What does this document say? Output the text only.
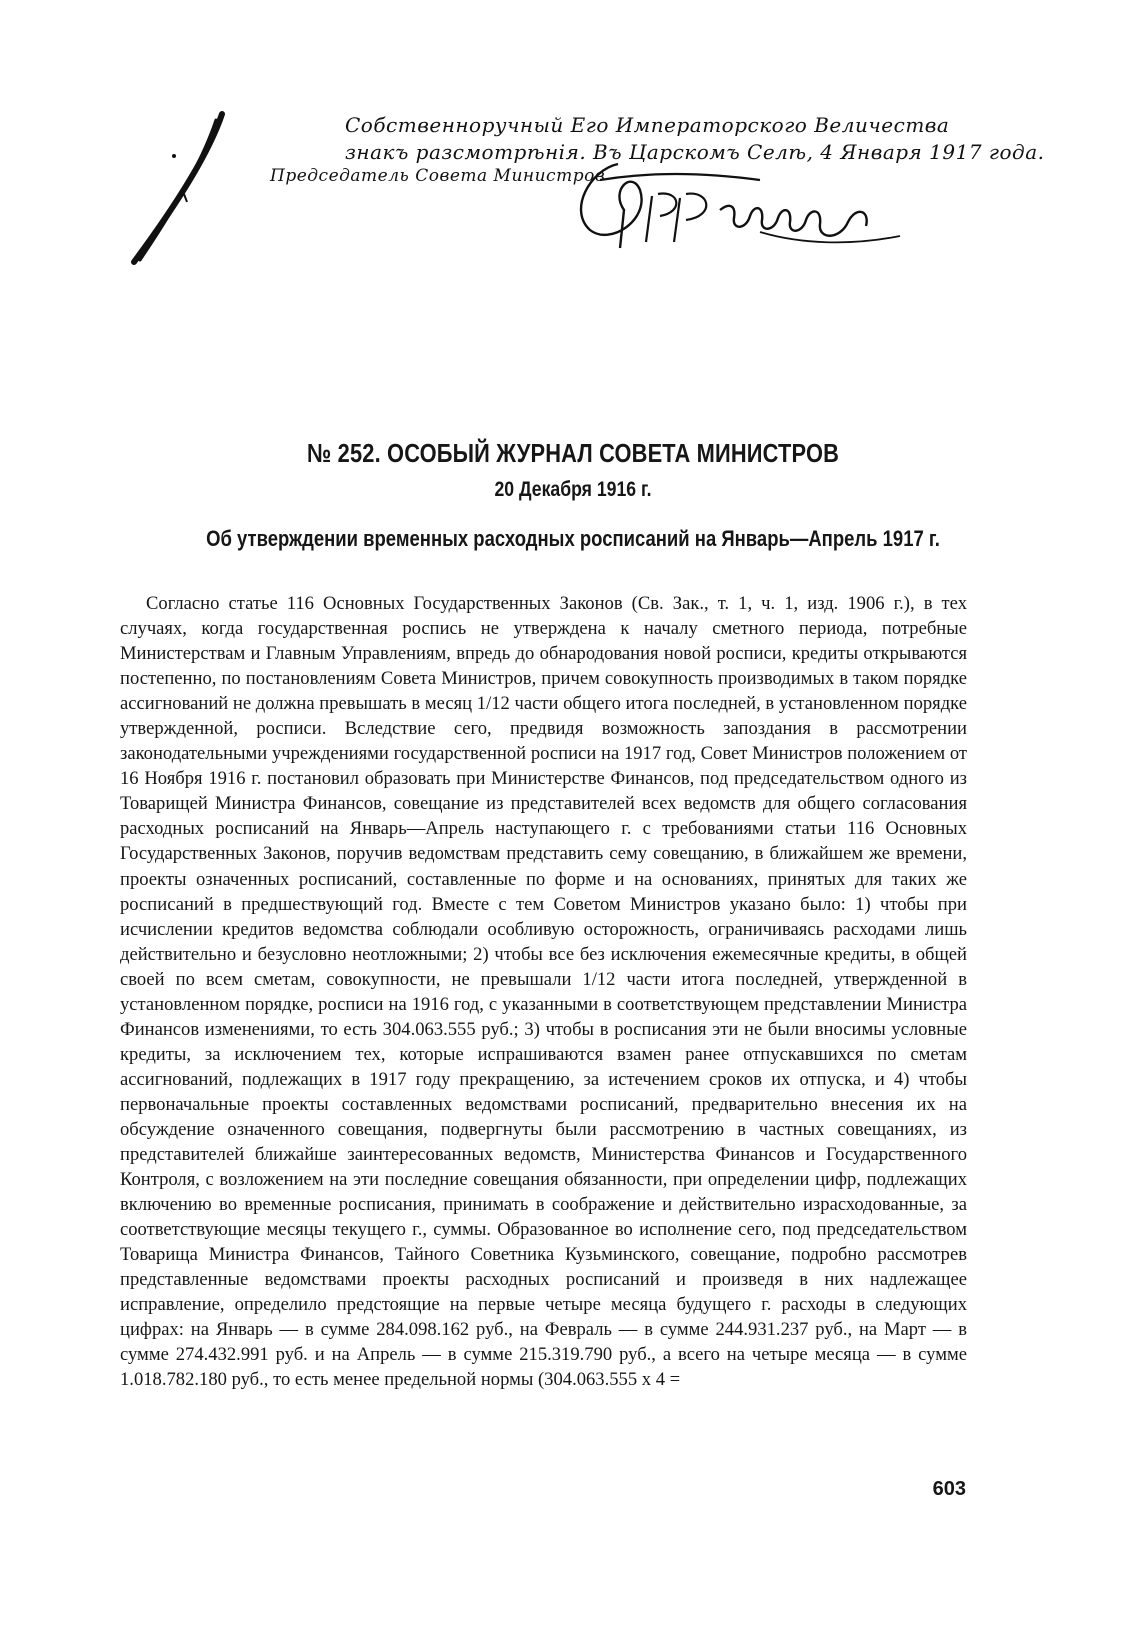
Собственноручный Его Императорского Величества
знакъ разсмотрѣнія. Въ Царскомъ Селѣ, 4 Января 1917 года.
Председатель Совета Министров
№ 252. ОСОБЫЙ ЖУРНАЛ СОВЕТА МИНИСТРОВ
20 Декабря 1916 г.
Об утверждении временных расходных росписаний на Январь—Апрель 1917 г.

Согласно статье 116 Основных Государственных Законов (Св. Зак., т. 1, ч. 1, изд. 1906 г.), в тех случаях, когда государственная роспись не утверждена к началу сметного периода, потребные Министерствам и Главным Управлениям, впредь до обнародования новой росписи, кредиты открываются постепенно, по постановлениям Совета Министров, причем совокупность производимых в таком порядке ассигнований не должна превышать в месяц 1/12 части общего итога последней, в установленном порядке утвержденной, росписи. Вследствие сего, предвидя возможность запоздания в рассмотрении законодательными учреждениями государственной росписи на 1917 год, Совет Министров положением от 16 Ноября 1916 г. постановил образовать при Министерстве Финансов, под председательством одного из Товарищей Министра Финансов, совещание из представителей всех ведомств для общего согласования расходных росписаний на Январь—Апрель наступающего г. с требованиями статьи 116 Основных Государственных Законов, поручив ведомствам представить сему совещанию, в ближайшем же времени, проекты означенных росписаний, составленные по форме и на основаниях, принятых для таких же росписаний в предшествующий год. Вместе с тем Советом Министров указано было: 1) чтобы при исчислении кредитов ведомства соблюдали особливую осторожность, ограничиваясь расходами лишь действительно и безусловно неотложными; 2) чтобы все без исключения ежемесячные кредиты, в общей своей по всем сметам, совокупности, не превышали 1/12 части итога последней, утвержденной в установленном порядке, росписи на 1916 год, с указанными в соответствующем представлении Министра Финансов изменениями, то есть 304.063.555 руб.; 3) чтобы в росписания эти не были вносимы условные кредиты, за исключением тех, которые испрашиваются взамен ранее отпускавшихся по сметам ассигнований, подлежащих в 1917 году прекращению, за истечением сроков их отпуска, и 4) чтобы первоначальные проекты составленных ведомствами росписаний, предварительно внесения их на обсуждение означенного совещания, подвергнуты были рассмотрению в частных совещаниях, из представителей ближайше заинтересованных ведомств, Министерства Финансов и Государственного Контроля, с возложением на эти последние совещания обязанности, при определении цифр, подлежащих включению во временные росписания, принимать в соображение и действительно израсходованные, за соответствующие месяцы текущего г., суммы. Образованное во исполнение сего, под председательством Товарища Министра Финансов, Тайного Советника Кузьминского, совещание, подробно рассмотрев представленные ведомствами проекты расходных росписаний и произведя в них надлежащее исправление, определило предстоящие на первые четыре месяца будущего г. расходы в следующих цифрах: на Январь — в сумме 284.098.162 руб., на Февраль — в сумме 244.931.237 руб., на Март — в сумме 274.432.991 руб. и на Апрель — в сумме 215.319.790 руб., а всего на четыре месяца — в сумме 1.018.782.180 руб., то есть менее предельной нормы (304.063.555 х 4 =

603
